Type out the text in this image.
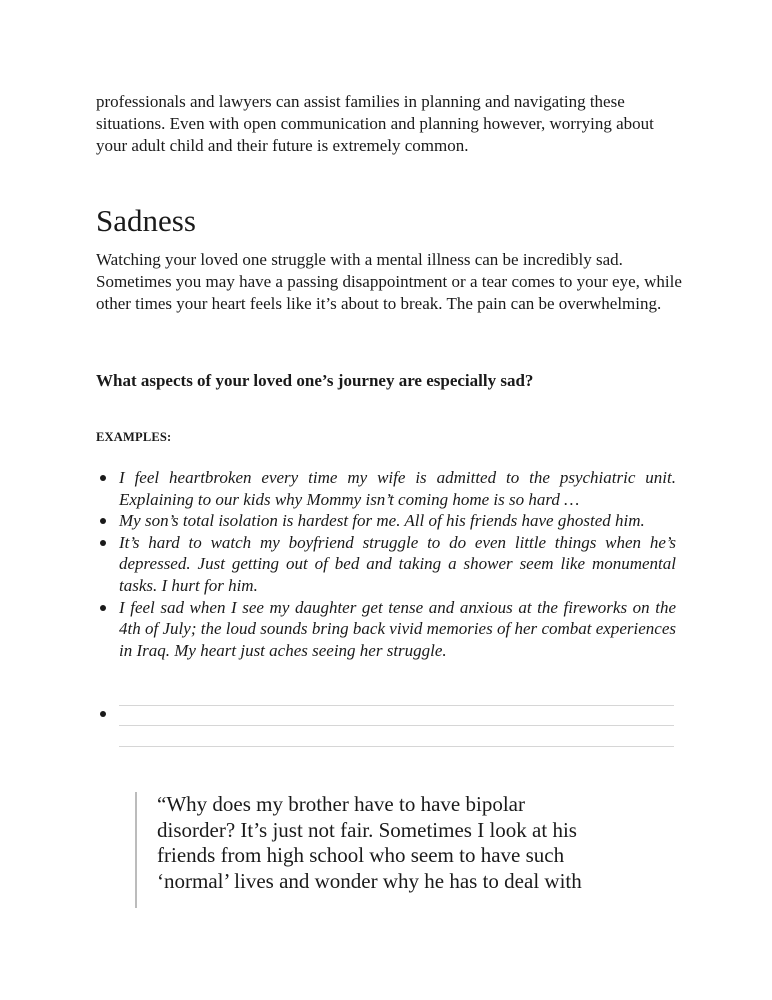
professionals and lawyers can assist families in planning and navigating these situations. Even with open communication and planning however, worrying about your adult child and their future is extremely common.

Sadness

Watching your loved one struggle with a mental illness can be incredibly sad. Sometimes you may have a passing disappointment or a tear comes to your eye, while other times your heart feels like it’s about to break. The pain can be overwhelming.

What aspects of your loved one’s journey are especially sad?

EXAMPLES:

I feel heartbroken every time my wife is admitted to the psychiatric unit. Explaining to our kids why Mommy isn’t coming home is so hard …
My son’s total isolation is hardest for me. All of his friends have ghosted him.
It’s hard to watch my boyfriend struggle to do even little things when he’s depressed. Just getting out of bed and taking a shower seem like monumental tasks. I hurt for him.
I feel sad when I see my daughter get tense and anxious at the fireworks on the 4th of July; the loud sounds bring back vivid memories of her combat experiences in Iraq. My heart just aches seeing her struggle.

“Why does my brother have to have bipolar disorder? It’s just not fair. Sometimes I look at his friends from high school who seem to have such ‘normal’ lives and wonder why he has to deal with
